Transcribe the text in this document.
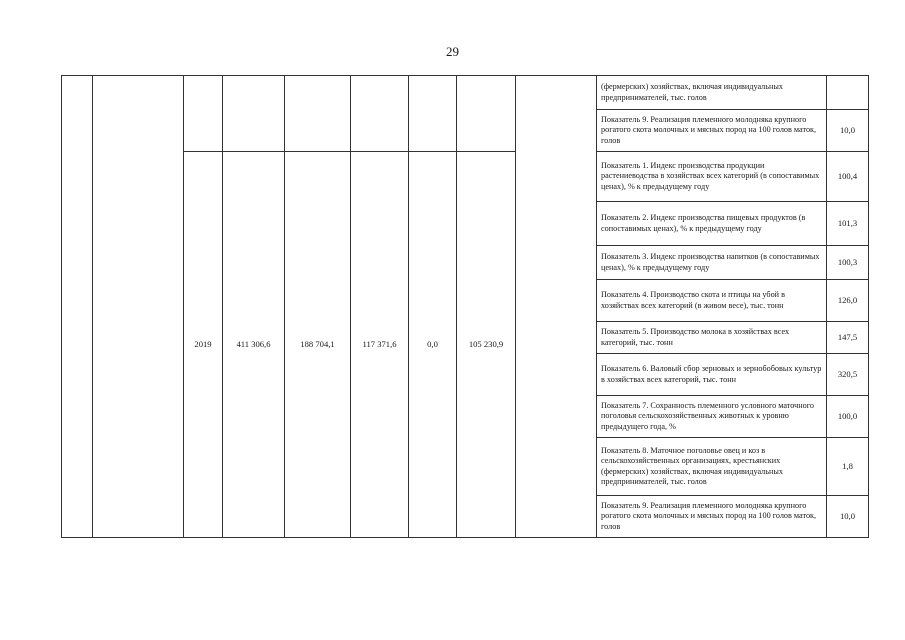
29
									(фермерских) хозяйствах, включая индивидуальных предпринимателей, тыс. голов	
									Показатель 9. Реализация племенного молодняка крупного рогатого скота молочных и мясных пород на 100 голов маток, голов	10,0
		2019	411 306,6	188 704,1	117 371,6	0,0	105 230,9		Показатель 1. Индекс производства продукции растениеводства в хозяйствах всех категорий (в сопоставимых ценах), % к предыдущему году	100,4
									Показатель 2. Индекс производства пищевых продуктов (в сопоставимых ценах), % к предыдущему году	101,3
									Показатель 3. Индекс производства напитков (в сопоставимых ценах), % к предыдущему году	100,3
									Показатель 4. Производство скота и птицы на убой в хозяйствах всех категорий (в живом весе), тыс. тонн	126,0
									Показатель 5. Производство молока в хозяйствах всех категорий, тыс. тонн	147,5
									Показатель 6. Валовый сбор зерновых и зернобобовых культур в хозяйствах всех категорий, тыс. тонн	320,5
									Показатель 7. Сохранность племенного условного маточного поголовья сельскохозяйственных животных к уровню предыдущего года, %	100,0
									Показатель 8. Маточное поголовье овец и коз в сельскохозяйственных организациях, крестьянских (фермерских) хозяйствах, включая индивидуальных предпринимателей, тыс. голов	1,8
									Показатель 9. Реализация племенного молодняка крупного рогатого скота молочных и мясных пород на 100 голов маток, голов	10,0
